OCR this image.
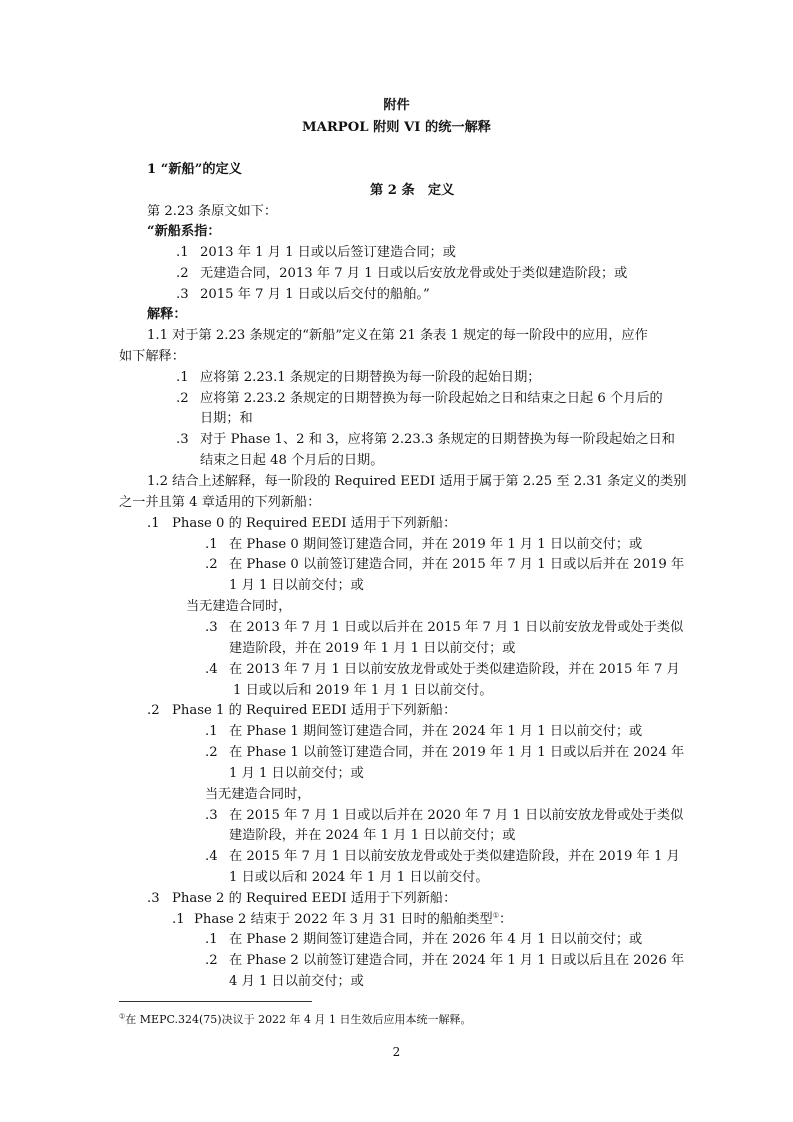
附件
MARPOL 附则 VI 的统一解释
1 “新船”的定义
第 2 条　定义
第 2.23 条原文如下：
“新船系指：
.1 2013 年 1 月 1 日或以后签订建造合同；或
.2 无建造合同，2013 年 7 月 1 日或以后安放龙骨或处于类似建造阶段；或
.3 2015 年 7 月 1 日或以后交付的船舶。”
解释：
1.1 对于第 2.23 条规定的“新船”定义在第 21 条表 1 规定的每一阶段中的应用，应作
如下解释：
.1 应将第 2.23.1 条规定的日期替换为每一阶段的起始日期；
.2 应将第 2.23.2 条规定的日期替换为每一阶段起始之日和结束之日起 6 个月后的
日期；和
.3 对于 Phase 1、2 和 3，应将第 2.23.3 条规定的日期替换为每一阶段起始之日和
结束之日起 48 个月后的日期。
1.2 结合上述解释，每一阶段的 Required EEDI 适用于属于第 2.25 至 2.31 条定义的类别
之一并且第 4 章适用的下列新船：
.1 Phase 0 的 Required EEDI 适用于下列新船：
.1 在 Phase 0 期间签订建造合同，并在 2019 年 1 月 1 日以前交付；或
.2 在 Phase 0 以前签订建造合同，并在 2015 年 7 月 1 日或以后并在 2019 年
1 月 1 日以前交付；或
当无建造合同时，
.3 在 2013 年 7 月 1 日或以后并在 2015 年 7 月 1 日以前安放龙骨或处于类似
建造阶段，并在 2019 年 1 月 1 日以前交付；或
.4 在 2013 年 7 月 1 日以前安放龙骨或处于类似建造阶段，并在 2015 年 7 月
1 日或以后和 2019 年 1 月 1 日以前交付。
.2 Phase 1 的 Required EEDI 适用于下列新船：
.1 在 Phase 1 期间签订建造合同，并在 2024 年 1 月 1 日以前交付；或
.2 在 Phase 1 以前签订建造合同，并在 2019 年 1 月 1 日或以后并在 2024 年
1 月 1 日以前交付；或
当无建造合同时，
.3 在 2015 年 7 月 1 日或以后并在 2020 年 7 月 1 日以前安放龙骨或处于类似
建造阶段，并在 2024 年 1 月 1 日以前交付；或
.4 在 2015 年 7 月 1 日以前安放龙骨或处于类似建造阶段，并在 2019 年 1 月
1 日或以后和 2024 年 1 月 1 日以前交付。
.3 Phase 2 的 Required EEDI 适用于下列新船：
.1 Phase 2 结束于 2022 年 3 月 31 日时的船舶类型①：
.1 在 Phase 2 期间签订建造合同，并在 2026 年 4 月 1 日以前交付；或
.2 在 Phase 2 以前签订建造合同，并在 2024 年 1 月 1 日或以后且在 2026 年
4 月 1 日以前交付；或
①在 MEPC.324(75)决议于 2022 年 4 月 1 日生效后应用本统一解释。
2
